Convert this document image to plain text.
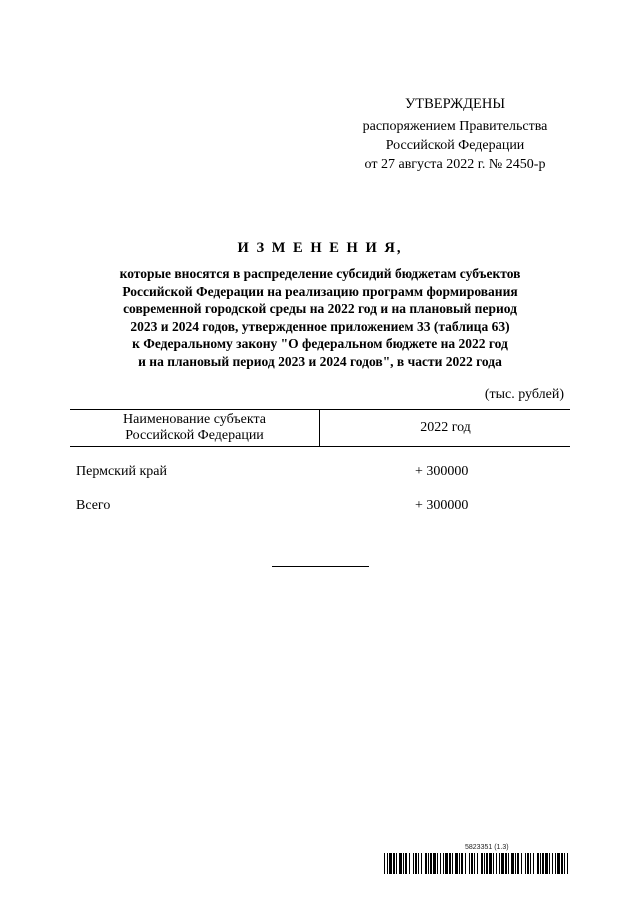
УТВЕРЖДЕНЫ
распоряжением Правительства
Российской Федерации
от 27 августа 2022 г. № 2450-р
И З М Е Н Е Н И Я,
которые вносятся в распределение субсидий бюджетам субъектов
Российской Федерации на реализацию программ формирования
современной городской среды на 2022 год и на плановый период
2023 и 2024 годов, утвержденное приложением 33 (таблица 63)
к Федеральному закону "О федеральном бюджете на 2022 год
и на плановый период 2023 и 2024 годов", в части 2022 года
(тыс. рублей)
Наименование субъекта
Российской Федерации
2022 год
Пермский край	+ 300000
Всего	+ 300000
5823351 (1.3)
